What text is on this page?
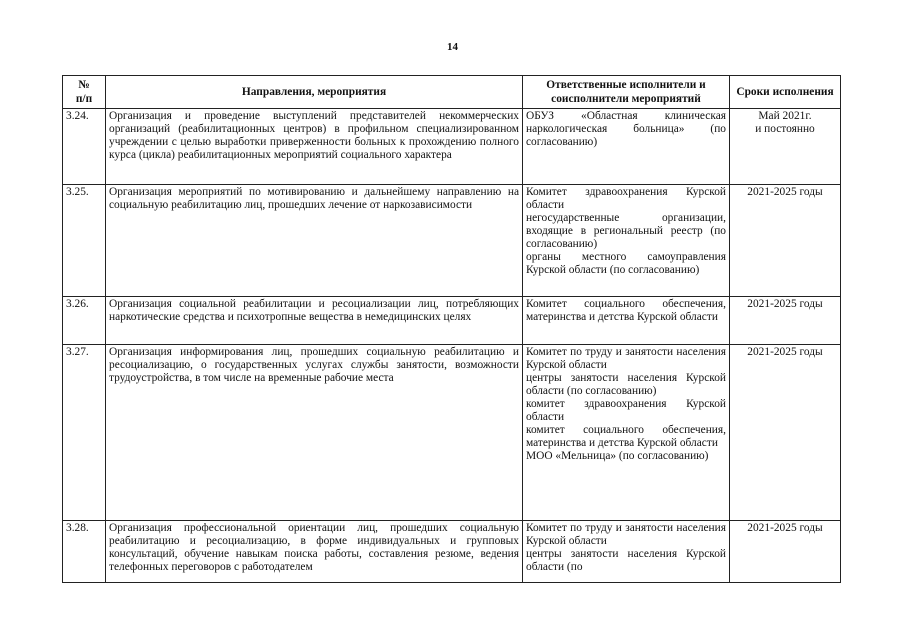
14
№
п/п	Направления, мероприятия	Ответственные исполнители и соисполнители мероприятий	Сроки исполнения
3.24.	Организация и проведение выступлений представителей некоммерческих организаций (реабилитационных центров) в профильном специализированном учреждении с целью выработки приверженности больных к прохождению полного курса (цикла) реабилитационных мероприятий социального характера	ОБУЗ «Областная клиническая наркологическая больница» (по согласованию)	Май 2021г.
и постоянно
3.25.	Организация мероприятий по мотивированию и дальнейшему направлению на социальную реабилитацию лиц, прошедших лечение от наркозависимости	Комитет здравоохранения Курской области
негосударственные организации, входящие в региональный реестр (по согласованию)
органы местного самоуправления Курской области (по согласованию)	2021-2025 годы
3.26.	Организация социальной реабилитации и ресоциализации лиц, потребляющих наркотические средства и психотропные вещества в немедицинских целях	Комитет социального обеспечения, материнства и детства Курской области	2021-2025 годы
3.27.	Организация информирования лиц, прошедших социальную реабилитацию и ресоциализацию, о государственных услугах службы занятости, возможности трудоустройства, в том числе на временные рабочие места	Комитет по труду и занятости населения Курской области
центры занятости населения Курской области (по согласованию)
комитет здравоохранения Курской области
комитет социального обеспечения, материнства и детства Курской области
МОО «Мельница» (по согласованию)	2021-2025 годы
3.28.	Организация профессиональной ориентации лиц, прошедших социальную реабилитацию и ресоциализацию, в форме индивидуальных и групповых консультаций, обучение навыкам поиска работы, составления резюме, ведения телефонных переговоров с работодателем	Комитет по труду и занятости населения Курской области
центры занятости населения Курской области (по	2021-2025 годы
